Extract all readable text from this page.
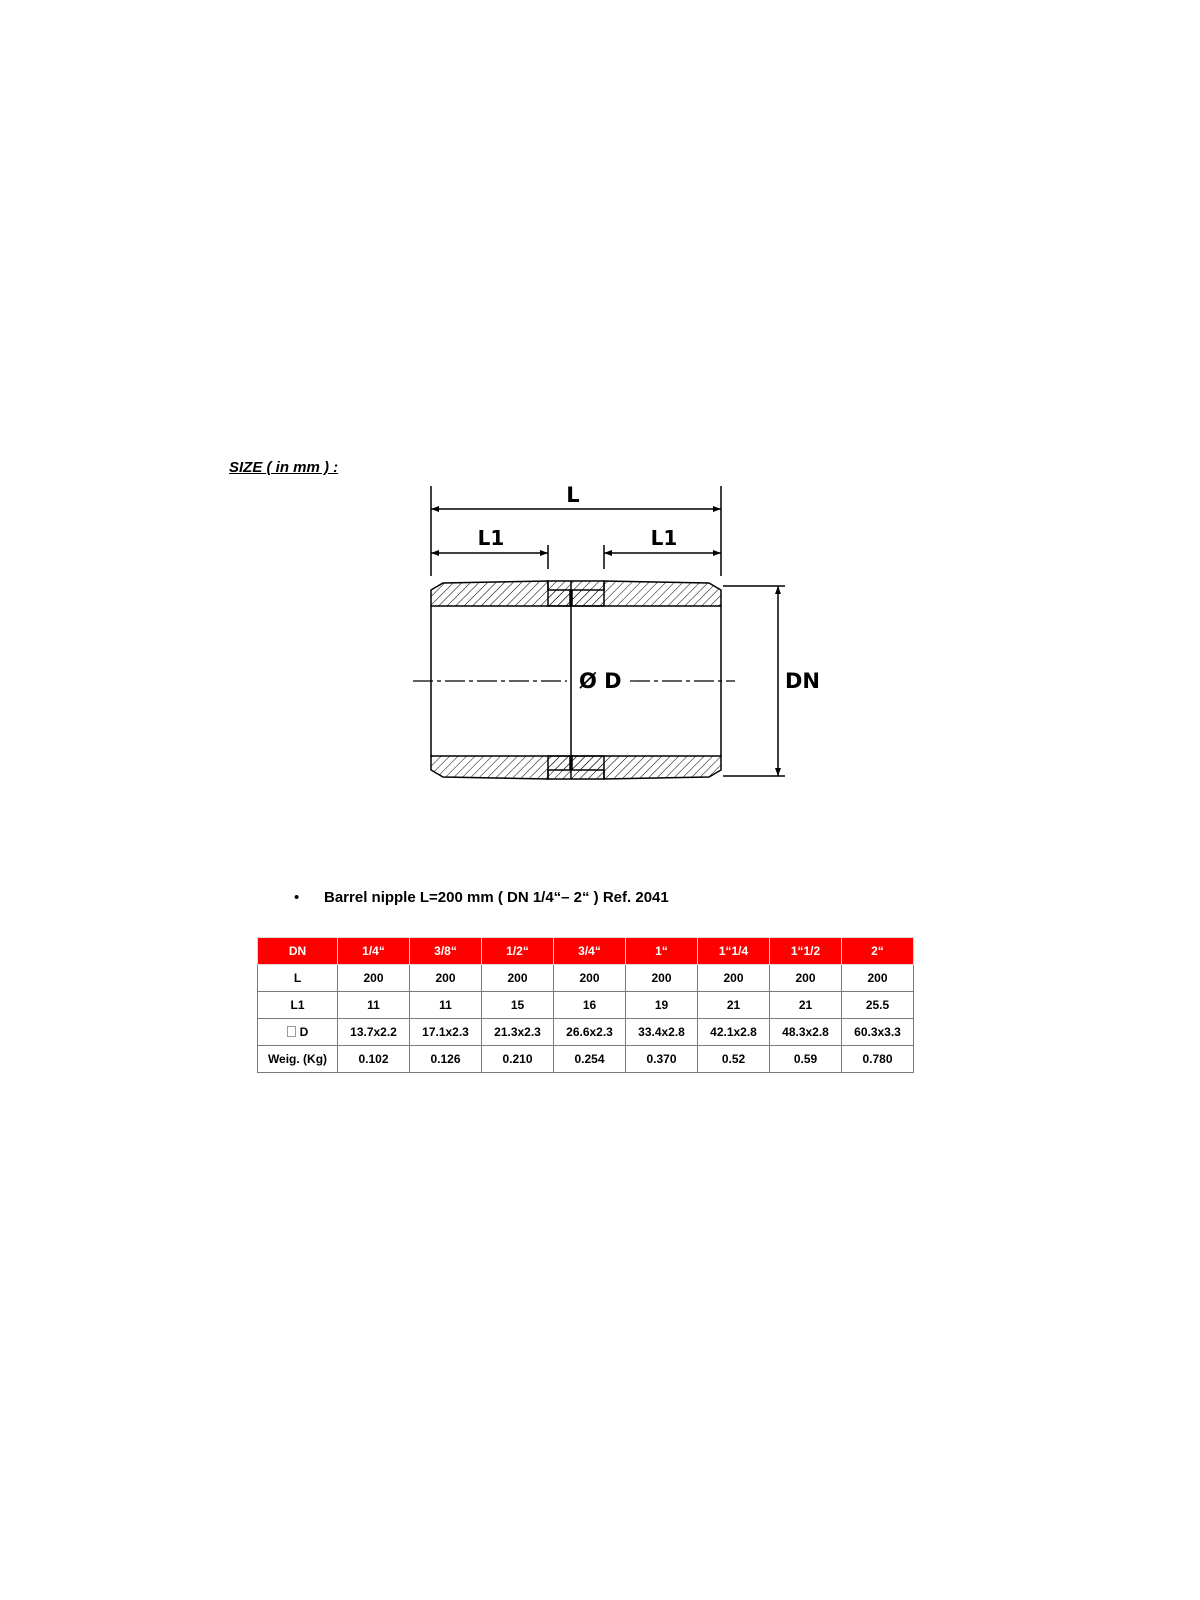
SIZE ( in mm ) :
L
L1	L1
DN
Ø D
• Barrel nipple L=200 mm ( DN 1/4“– 2“ ) Ref. 2041
DN	1/4“	3/8“	1/2“	3/4“	1“	1“1/4	1“1/2	2“
L	200	200	200	200	200	200	200	200
L1	11	11	15	16	19	21	21	25.5
D	13.7x2.2	17.1x2.3	21.3x2.3	26.6x2.3	33.4x2.8	42.1x2.8	48.3x2.8	60.3x3.3
Weig. (Kg)	0.102	0.126	0.210	0.254	0.370	0.52	0.59	0.780
